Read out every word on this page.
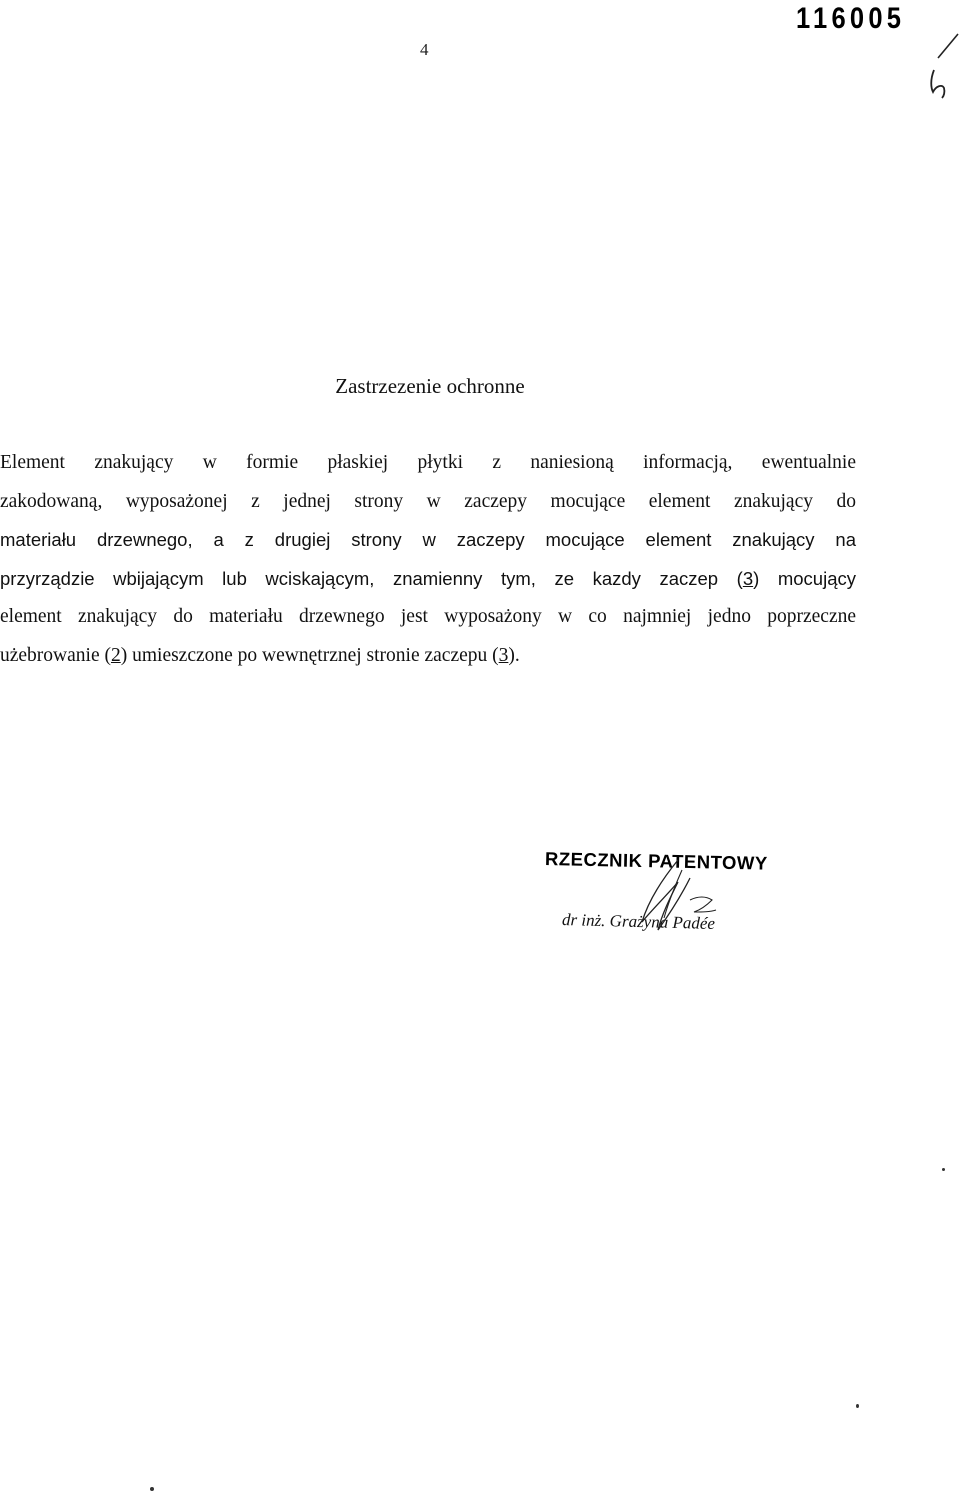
116005
4
Zastrzezenie ochronne
Element znakujący w formie płaskiej płytki z naniesioną informacją, ewentualnie
zakodowaną, wyposażonej z jednej strony w zaczepy mocujące element znakujący do
materiału drzewnego, a z drugiej strony w zaczepy mocujące element znakujący na
przyrządzie wbijającym lub wciskającym, znamienny tym, ze kazdy zaczep (3) mocujący
element znakujący do materiału drzewnego jest wyposażony w co najmniej jedno poprzeczne
użebrowanie (2) umieszczone po wewnętrznej stronie zaczepu (3).
RZECZNIK PATENTOWY
dr inż. Grażyna Padée
